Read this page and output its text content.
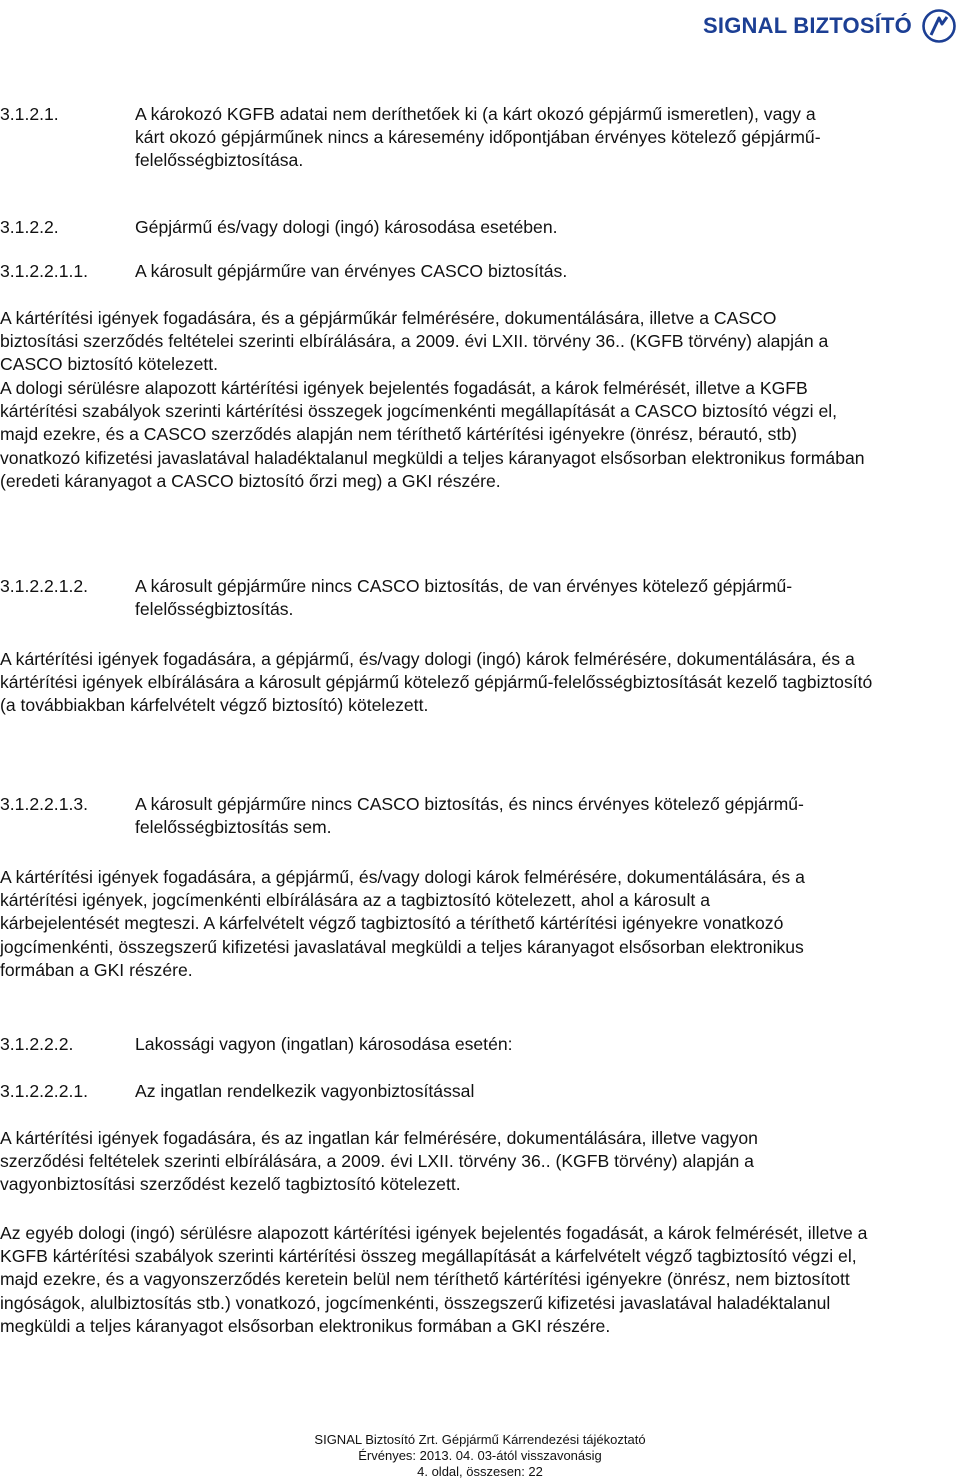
SIGNAL BIZTOSÍTÓ
3.1.2.1.	A károkozó KGFB adatai nem deríthetőek ki (a kárt okozó gépjármű ismeretlen), vagy a kárt okozó gépjárműnek nincs a káresemény időpontjában érvényes kötelező gépjármű-felelősségbiztosítása.
3.1.2.2.	Gépjármű és/vagy dologi (ingó) károsodása esetében.
3.1.2.2.1.1.	A károsult gépjárműre van érvényes CASCO biztosítás.
A kártérítési igények fogadására, és a gépjárműkár felmérésére, dokumentálására, illetve a CASCO biztosítási szerződés feltételei szerinti elbírálására, a 2009. évi LXII. törvény 36.. (KGFB törvény) alapján a CASCO biztosító kötelezett.
A dologi sérülésre alapozott kártérítési igények bejelentés fogadását, a károk felmérését, illetve a KGFB kártérítési szabályok szerinti kártérítési összegek jogcímenkénti megállapítását a CASCO biztosító végzi el, majd ezekre, és a CASCO szerződés alapján nem téríthető kártérítési igényekre (önrész, bérautó, stb) vonatkozó kifizetési javaslatával haladéktalanul megküldi a teljes káranyagot elsősorban elektronikus formában (eredeti káranyagot a CASCO biztosító őrzi meg) a GKI részére.
3.1.2.2.1.2.	A károsult gépjárműre nincs CASCO biztosítás, de van érvényes kötelező gépjármű-felelősségbiztosítás.
A kártérítési igények fogadására, a gépjármű, és/vagy dologi (ingó) károk felmérésére, dokumentálására, és a kártérítési igények elbírálására a károsult gépjármű kötelező gépjármű-felelősségbiztosítását kezelő tagbiztosító (a továbbiakban kárfelvételt végző biztosító) kötelezett.
3.1.2.2.1.3.	A károsult gépjárműre nincs CASCO biztosítás, és nincs érvényes kötelező gépjármű-felelősségbiztosítás sem.
A kártérítési igények fogadására, a gépjármű, és/vagy dologi károk felmérésére, dokumentálására, és a kártérítési igények, jogcímenkénti elbírálására az a tagbiztosító kötelezett, ahol a károsult a kárbejelentését megteszi. A kárfelvételt végző tagbiztosító a téríthető kártérítési igényekre vonatkozó jogcímenkénti, összegszerű kifizetési javaslatával megküldi a teljes káranyagot elsősorban elektronikus formában a GKI részére.
3.1.2.2.2.	Lakossági vagyon (ingatlan) károsodása esetén:
3.1.2.2.2.1.	Az ingatlan rendelkezik vagyonbiztosítással
A kártérítési igények fogadására, és az ingatlan kár felmérésére, dokumentálására, illetve vagyon szerződési feltételek szerinti elbírálására, a 2009. évi LXII. törvény 36.. (KGFB törvény) alapján a vagyonbiztosítási szerződést kezelő tagbiztosító kötelezett.
Az egyéb dologi (ingó) sérülésre alapozott kártérítési igények bejelentés fogadását, a károk felmérését, illetve a KGFB kártérítési szabályok szerinti kártérítési összeg megállapítását a kárfelvételt végző tagbiztosító végzi el, majd ezekre, és a vagyonszerződés keretein belül nem téríthető kártérítési igényekre (önrész, nem biztosított ingóságok, alulbiztosítás stb.) vonatkozó, jogcímenkénti, összegszerű kifizetési javaslatával haladéktalanul megküldi a teljes káranyagot elsősorban elektronikus formában a GKI részére.
SIGNAL Biztosító Zrt. Gépjármű Kárrendezési tájékoztató
Érvényes: 2013. 04. 03-ától visszavonásig
4. oldal, összesen: 22
